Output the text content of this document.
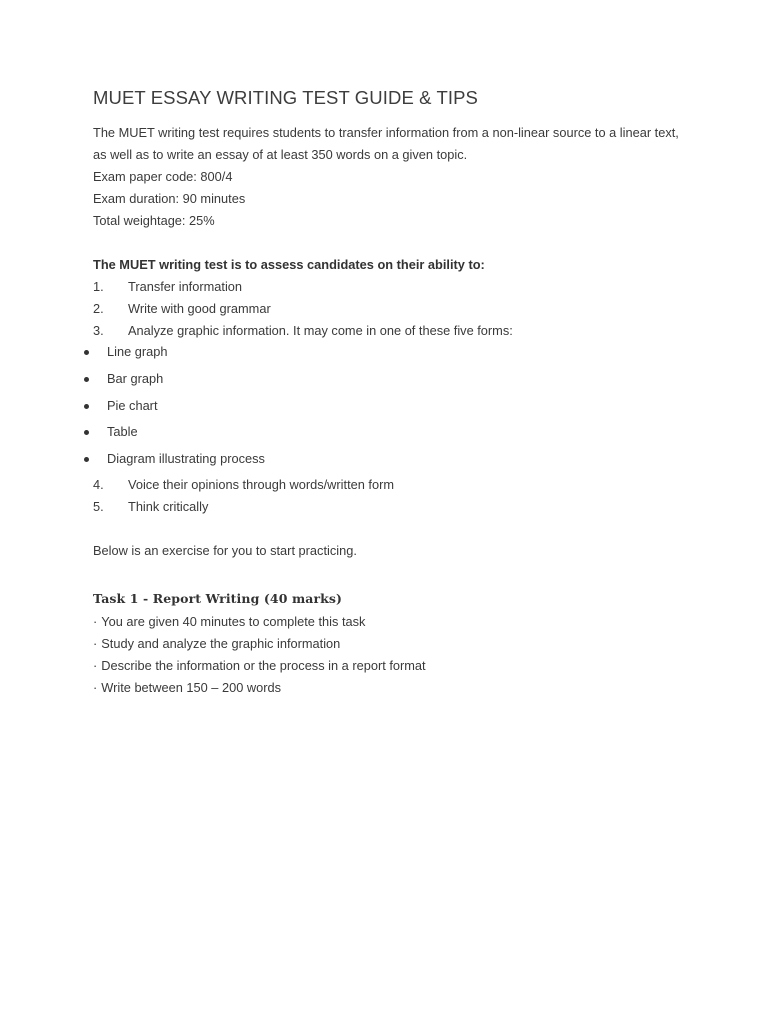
MUET ESSAY WRITING TEST GUIDE & TIPS
The MUET writing test requires students to transfer information from a non-linear source to a linear text,
as well as to write an essay of at least 350 words on a given topic.
Exam paper code: 800/4
Exam duration: 90 minutes
Total weightage: 25%
The MUET writing test is to assess candidates on their ability to:
1. Transfer information
2. Write with good grammar
3. Analyze graphic information. It may come in one of these five forms:
Line graph
Bar graph
Pie chart
Table
Diagram illustrating process
4. Voice their opinions through words/written form
5. Think critically
Below is an exercise for you to start practicing.
Task 1 - Report Writing (40 marks)
· You are given 40 minutes to complete this task
· Study and analyze the graphic information
· Describe the information or the process in a report format
· Write between 150 – 200 words
